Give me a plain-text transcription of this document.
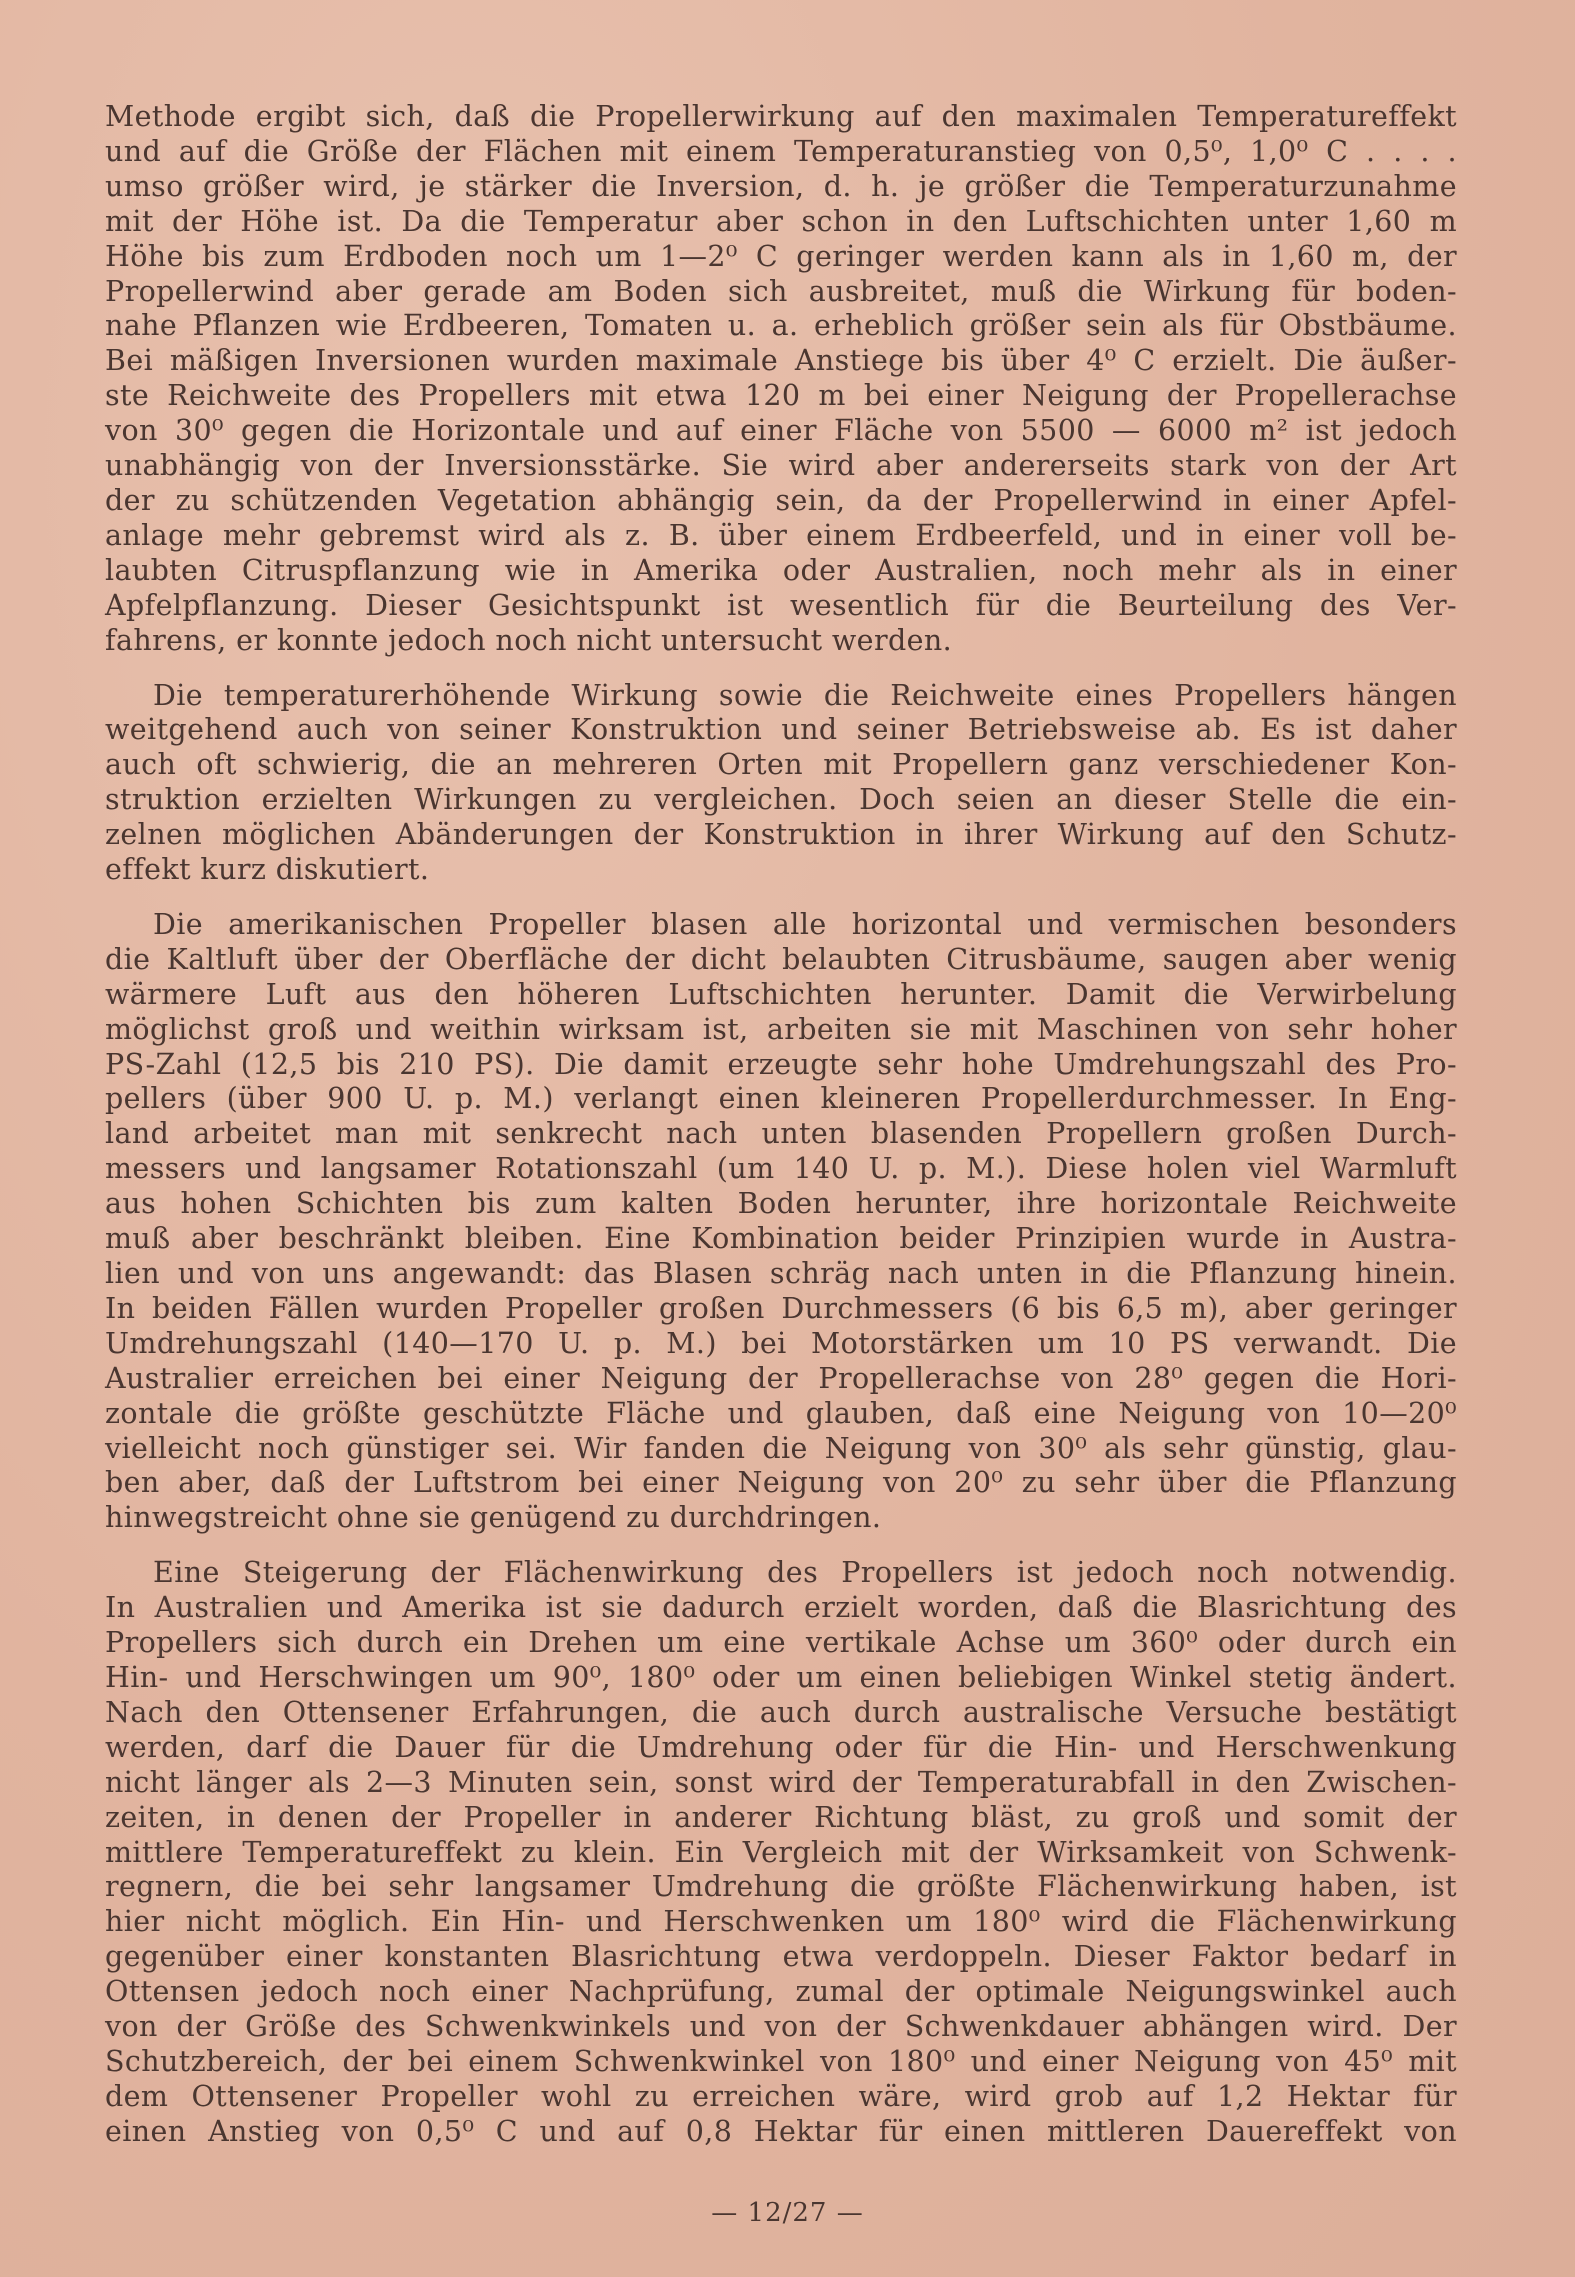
Methode ergibt sich, daß die Propellerwirkung auf den maximalen Temperatureffekt
und auf die Größe der Flächen mit einem Temperaturanstieg von 0,5⁰, 1,0⁰ C . . . .
umso größer wird, je stärker die Inversion, d. h. je größer die Temperaturzunahme
mit der Höhe ist. Da die Temperatur aber schon in den Luftschichten unter 1,60 m
Höhe bis zum Erdboden noch um 1—2⁰ C geringer werden kann als in 1,60 m, der
Propellerwind aber gerade am Boden sich ausbreitet, muß die Wirkung für boden-
nahe Pflanzen wie Erdbeeren, Tomaten u. a. erheblich größer sein als für Obstbäume.
Bei mäßigen Inversionen wurden maximale Anstiege bis über 4⁰ C erzielt. Die äußer-
ste Reichweite des Propellers mit etwa 120 m bei einer Neigung der Propellerachse
von 30⁰ gegen die Horizontale und auf einer Fläche von 5500 — 6000 m² ist jedoch
unabhängig von der Inversionsstärke. Sie wird aber andererseits stark von der Art
der zu schützenden Vegetation abhängig sein, da der Propellerwind in einer Apfel-
anlage mehr gebremst wird als z. B. über einem Erdbeerfeld, und in einer voll be-
laubten Citruspflanzung wie in Amerika oder Australien, noch mehr als in einer
Apfelpflanzung. Dieser Gesichtspunkt ist wesentlich für die Beurteilung des Ver-
fahrens, er konnte jedoch noch nicht untersucht werden.

Die temperaturerhöhende Wirkung sowie die Reichweite eines Propellers hängen
weitgehend auch von seiner Konstruktion und seiner Betriebsweise ab. Es ist daher
auch oft schwierig, die an mehreren Orten mit Propellern ganz verschiedener Kon-
struktion erzielten Wirkungen zu vergleichen. Doch seien an dieser Stelle die ein-
zelnen möglichen Abänderungen der Konstruktion in ihrer Wirkung auf den Schutz-
effekt kurz diskutiert.

Die amerikanischen Propeller blasen alle horizontal und vermischen besonders
die Kaltluft über der Oberfläche der dicht belaubten Citrusbäume, saugen aber wenig
wärmere Luft aus den höheren Luftschichten herunter. Damit die Verwirbelung
möglichst groß und weithin wirksam ist, arbeiten sie mit Maschinen von sehr hoher
PS-Zahl (12,5 bis 210 PS). Die damit erzeugte sehr hohe Umdrehungszahl des Pro-
pellers (über 900 U. p. M.) verlangt einen kleineren Propellerdurchmesser. In Eng-
land arbeitet man mit senkrecht nach unten blasenden Propellern großen Durch-
messers und langsamer Rotationszahl (um 140 U. p. M.). Diese holen viel Warmluft
aus hohen Schichten bis zum kalten Boden herunter, ihre horizontale Reichweite
muß aber beschränkt bleiben. Eine Kombination beider Prinzipien wurde in Austra-
lien und von uns angewandt: das Blasen schräg nach unten in die Pflanzung hinein.
In beiden Fällen wurden Propeller großen Durchmessers (6 bis 6,5 m), aber geringer
Umdrehungszahl (140—170 U. p. M.) bei Motorstärken um 10 PS verwandt. Die
Australier erreichen bei einer Neigung der Propellerachse von 28⁰ gegen die Hori-
zontale die größte geschützte Fläche und glauben, daß eine Neigung von 10—20⁰
vielleicht noch günstiger sei. Wir fanden die Neigung von 30⁰ als sehr günstig, glau-
ben aber, daß der Luftstrom bei einer Neigung von 20⁰ zu sehr über die Pflanzung
hinwegstreicht ohne sie genügend zu durchdringen.

Eine Steigerung der Flächenwirkung des Propellers ist jedoch noch notwendig.
In Australien und Amerika ist sie dadurch erzielt worden, daß die Blasrichtung des
Propellers sich durch ein Drehen um eine vertikale Achse um 360⁰ oder durch ein
Hin- und Herschwingen um 90⁰, 180⁰ oder um einen beliebigen Winkel stetig ändert.
Nach den Ottensener Erfahrungen, die auch durch australische Versuche bestätigt
werden, darf die Dauer für die Umdrehung oder für die Hin- und Herschwenkung
nicht länger als 2—3 Minuten sein, sonst wird der Temperaturabfall in den Zwischen-
zeiten, in denen der Propeller in anderer Richtung bläst, zu groß und somit der
mittlere Temperatureffekt zu klein. Ein Vergleich mit der Wirksamkeit von Schwenk-
regnern, die bei sehr langsamer Umdrehung die größte Flächenwirkung haben, ist
hier nicht möglich. Ein Hin- und Herschwenken um 180⁰ wird die Flächenwirkung
gegenüber einer konstanten Blasrichtung etwa verdoppeln. Dieser Faktor bedarf in
Ottensen jedoch noch einer Nachprüfung, zumal der optimale Neigungswinkel auch
von der Größe des Schwenkwinkels und von der Schwenkdauer abhängen wird. Der
Schutzbereich, der bei einem Schwenkwinkel von 180⁰ und einer Neigung von 45⁰ mit
dem Ottensener Propeller wohl zu erreichen wäre, wird grob auf 1,2 Hektar für
einen Anstieg von 0,5⁰ C und auf 0,8 Hektar für einen mittleren Dauereffekt von

— 12/27 —
